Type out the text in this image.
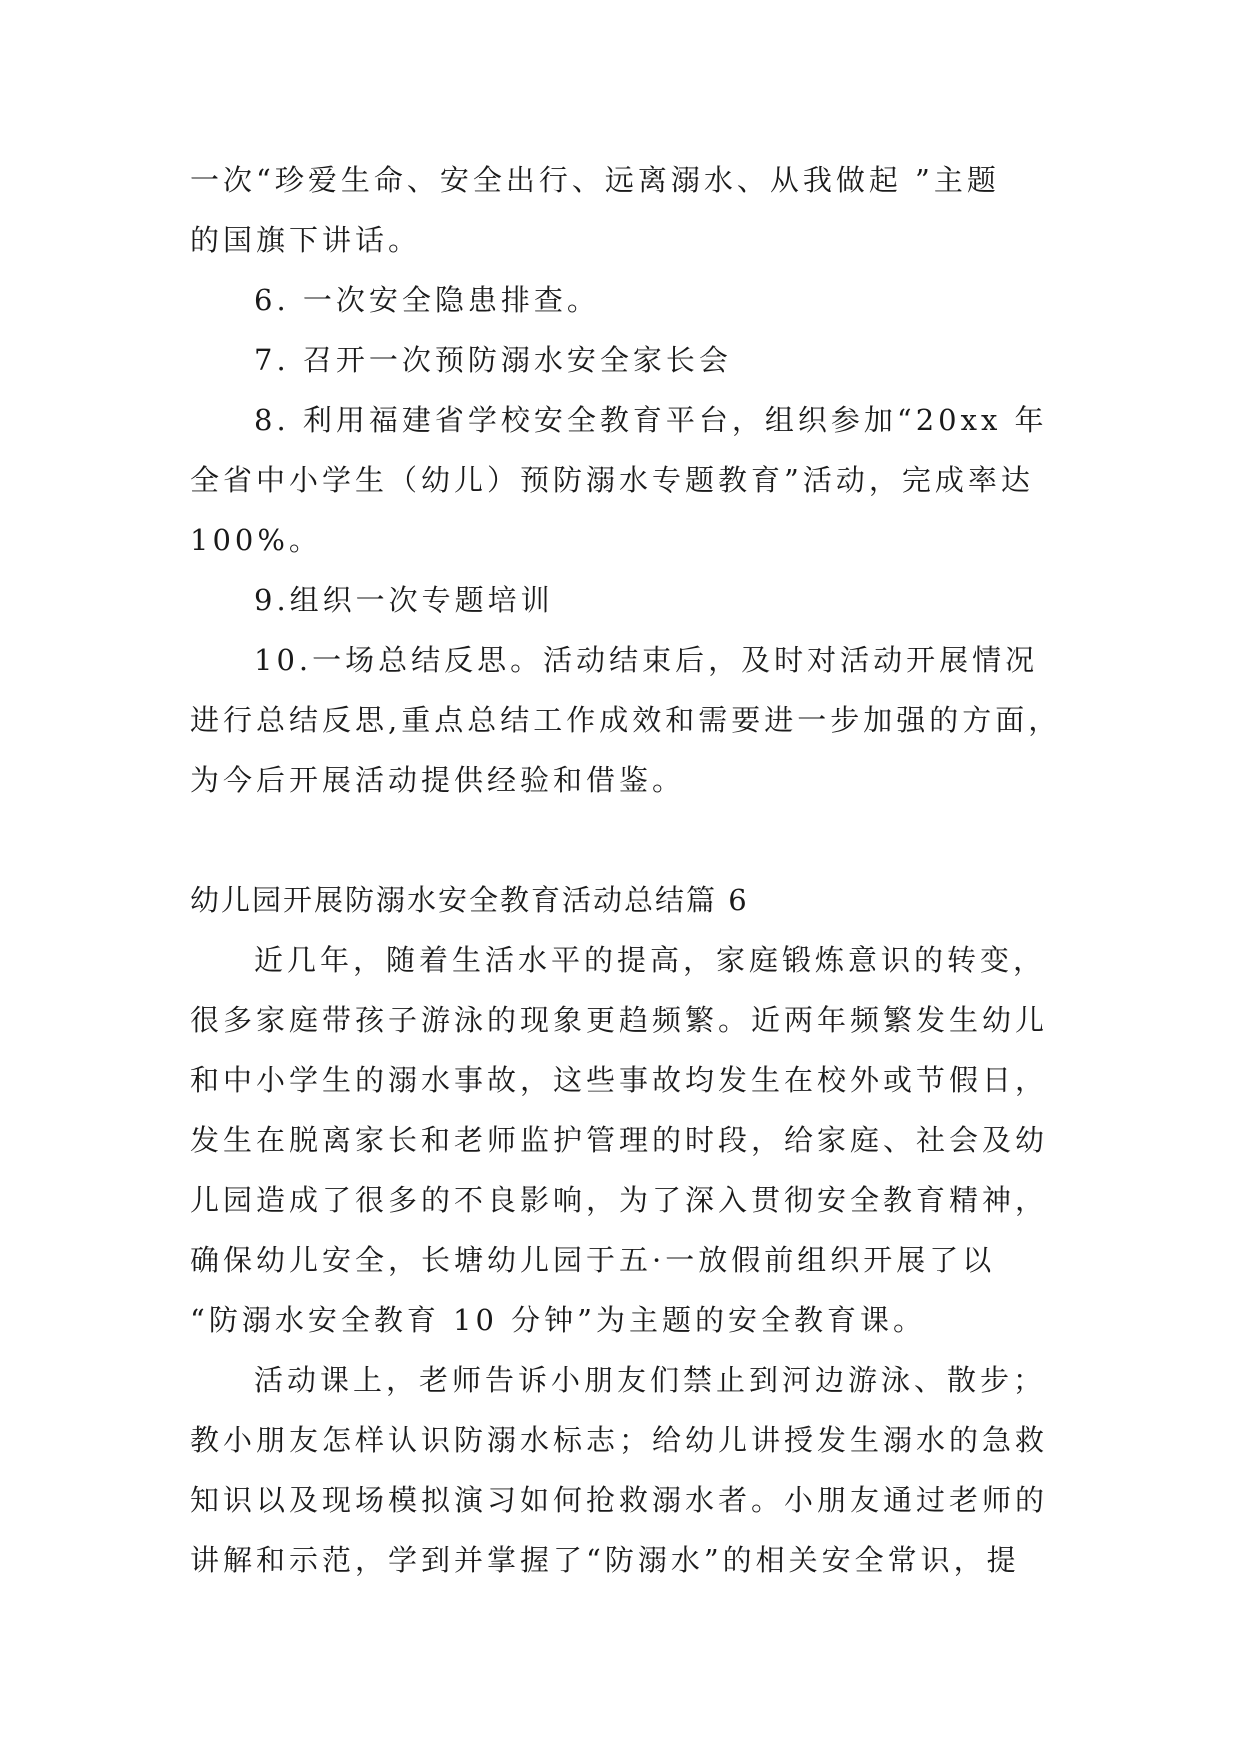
一次“珍爱生命、安全出行、远离溺水、从我做起 ”主题
的国旗下讲话。
6. 一次安全隐患排查。
7. 召开一次预防溺水安全家长会
8. 利用福建省学校安全教育平台，组织参加“20xx 年
全省中小学生（幼儿）预防溺水专题教育”活动，完成率达
100%。
9.组织一次专题培训
10.一场总结反思。活动结束后，及时对活动开展情况
进行总结反思,重点总结工作成效和需要进一步加强的方面，
为今后开展活动提供经验和借鉴。
幼儿园开展防溺水安全教育活动总结篇 6
近几年，随着生活水平的提高，家庭锻炼意识的转变，
很多家庭带孩子游泳的现象更趋频繁。近两年频繁发生幼儿
和中小学生的溺水事故，这些事故均发生在校外或节假日，
发生在脱离家长和老师监护管理的时段，给家庭、社会及幼
儿园造成了很多的不良影响，为了深入贯彻安全教育精神，
确保幼儿安全，长塘幼儿园于五·一放假前组织开展了以
“防溺水安全教育 10 分钟”为主题的安全教育课。
活动课上，老师告诉小朋友们禁止到河边游泳、散步；
教小朋友怎样认识防溺水标志；给幼儿讲授发生溺水的急救
知识以及现场模拟演习如何抢救溺水者。小朋友通过老师的
讲解和示范，学到并掌握了“防溺水”的相关安全常识，提
